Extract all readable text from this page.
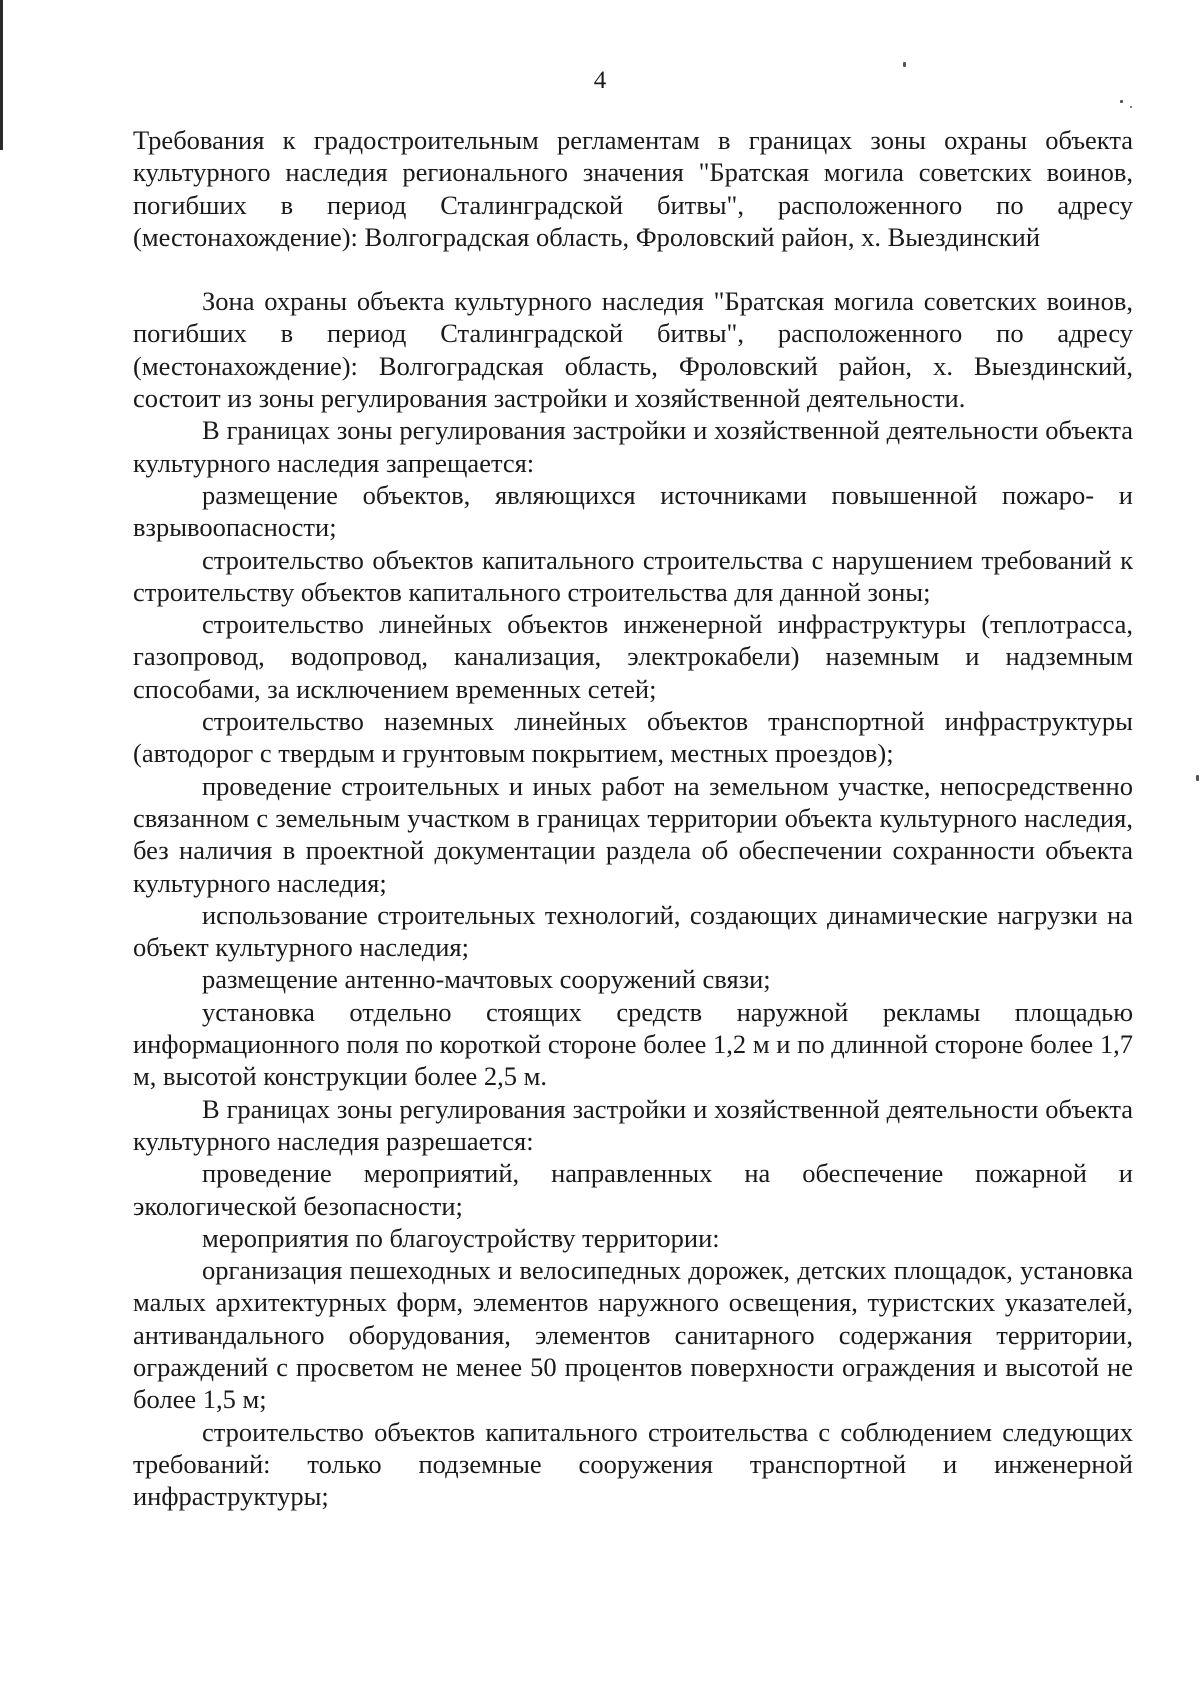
4
Требования к градостроительным регламентам в границах зоны охраны объекта культурного наследия регионального значения "Братская могила советских воинов, погибших в период Сталинградской битвы", расположенного по адресу (местонахождение): Волгоградская область, Фроловский район, х. Выездинский

Зона охраны объекта культурного наследия "Братская могила советских воинов, погибших в период Сталинградской битвы", расположенного по адресу (местонахождение): Волгоградская область, Фроловский район, х. Выездинский, состоит из зоны регулирования застройки и хозяйственной деятельности.

В границах зоны регулирования застройки и хозяйственной деятельности объекта культурного наследия запрещается:

размещение объектов, являющихся источниками повышенной пожаро- и взрывоопасности;

строительство объектов капитального строительства с нарушением требований к строительству объектов капитального строительства для данной зоны;

строительство линейных объектов инженерной инфраструктуры (теплотрасса, газопровод, водопровод, канализация, электрокабели) наземным и надземным способами, за исключением временных сетей;

строительство наземных линейных объектов транспортной инфраструктуры (автодорог с твердым и грунтовым покрытием, местных проездов);

проведение строительных и иных работ на земельном участке, непосредственно связанном с земельным участком в границах территории объекта культурного наследия, без наличия в проектной документации раздела об обеспечении сохранности объекта культурного наследия;

использование строительных технологий, создающих динамические нагрузки на объект культурного наследия;

размещение антенно-мачтовых сооружений связи;

установка отдельно стоящих средств наружной рекламы площадью информационного поля по короткой стороне более 1,2 м и по длинной стороне более 1,7 м, высотой конструкции более 2,5 м.

В границах зоны регулирования застройки и хозяйственной деятельности объекта культурного наследия разрешается:

проведение мероприятий, направленных на обеспечение пожарной и экологической безопасности;

мероприятия по благоустройству территории:

организация пешеходных и велосипедных дорожек, детских площадок, установка малых архитектурных форм, элементов наружного освещения, туристских указателей, антивандального оборудования, элементов санитарного содержания территории, ограждений с просветом не менее 50 процентов поверхности ограждения и высотой не более 1,5 м;

строительство объектов капитального строительства с соблюдением следующих требований: только подземные сооружения транспортной и инженерной инфраструктуры;
